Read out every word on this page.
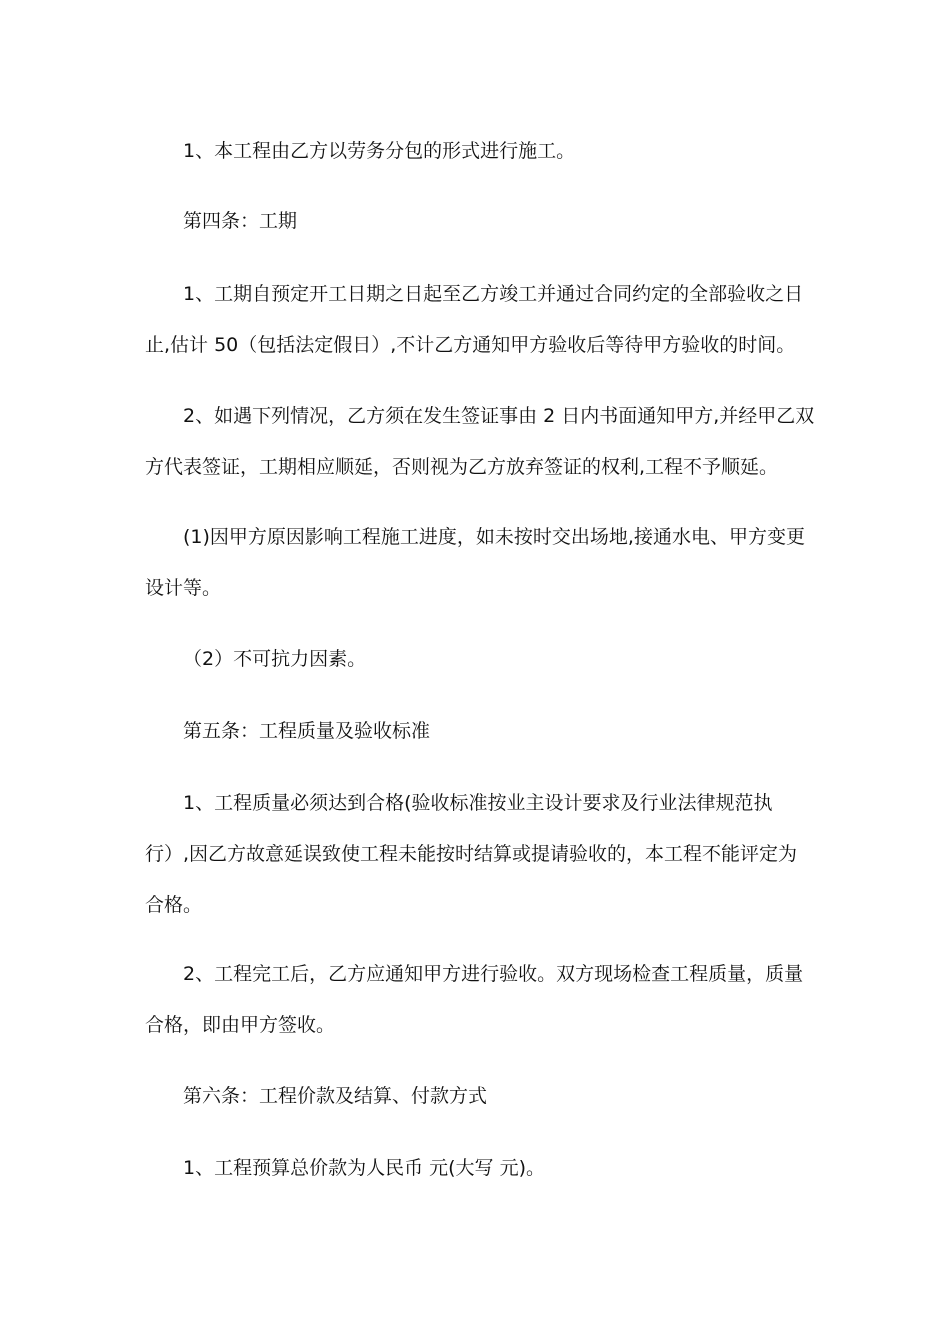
1、本工程由乙方以劳务分包的形式进行施工。

第四条：工期

1、工期自预定开工日期之日起至乙方竣工并通过合同约定的全部验收之日止,估计 50（包括法定假日）,不计乙方通知甲方验收后等待甲方验收的时间。

2、如遇下列情况，乙方须在发生签证事由 2 日内书面通知甲方,并经甲乙双方代表签证，工期相应顺延，否则视为乙方放弃签证的权利,工程不予顺延。

(1)因甲方原因影响工程施工进度，如未按时交出场地,接通水电、甲方变更设计等。

（2）不可抗力因素。

第五条：工程质量及验收标准

1、工程质量必须达到合格(验收标准按业主设计要求及行业法律规范执行）,因乙方故意延误致使工程未能按时结算或提请验收的，本工程不能评定为合格。

2、工程完工后，乙方应通知甲方进行验收。双方现场检查工程质量，质量合格，即由甲方签收。

第六条：工程价款及结算、付款方式

1、工程预算总价款为人民币 元(大写 元)。
